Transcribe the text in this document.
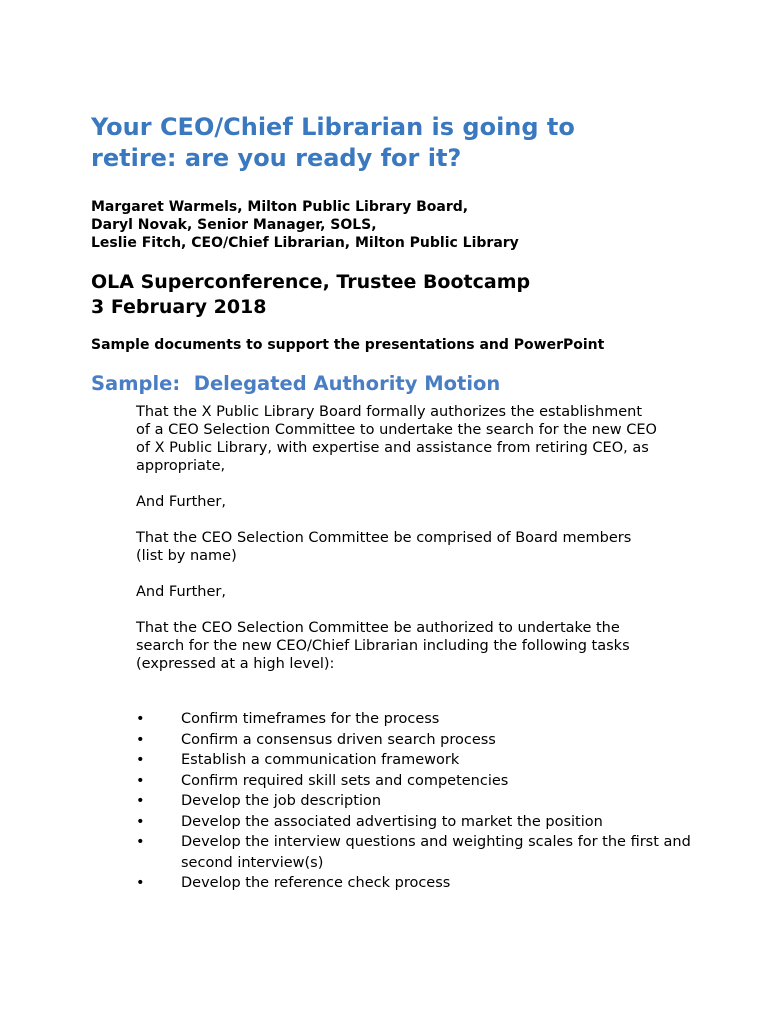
Your CEO/Chief Librarian is going to retire: are you ready for it?
Margaret Warmels, Milton Public Library Board,
Daryl Novak, Senior Manager, SOLS,
Leslie Fitch, CEO/Chief Librarian, Milton Public Library
OLA Superconference, Trustee Bootcamp
3 February 2018

Sample documents to support the presentations and PowerPoint

Sample:  Delegated Authority Motion

That the X Public Library Board formally authorizes the establishment
of a CEO Selection Committee to undertake the search for the new CEO
of X Public Library, with expertise and assistance from retiring CEO, as
appropriate,

And Further,

That the CEO Selection Committee be comprised of Board members
(list by name)

And Further,

That the CEO Selection Committee be authorized to undertake the
search for the new CEO/Chief Librarian including the following tasks
(expressed at a high level):

•	Confirm timeframes for the process
•	Confirm a consensus driven search process
•	Establish a communication framework
•	Confirm required skill sets and competencies
•	Develop the job description
•	Develop the associated advertising to market the position
•	Develop the interview questions and weighting scales for the first and second interview(s)
•	Develop the reference check process
